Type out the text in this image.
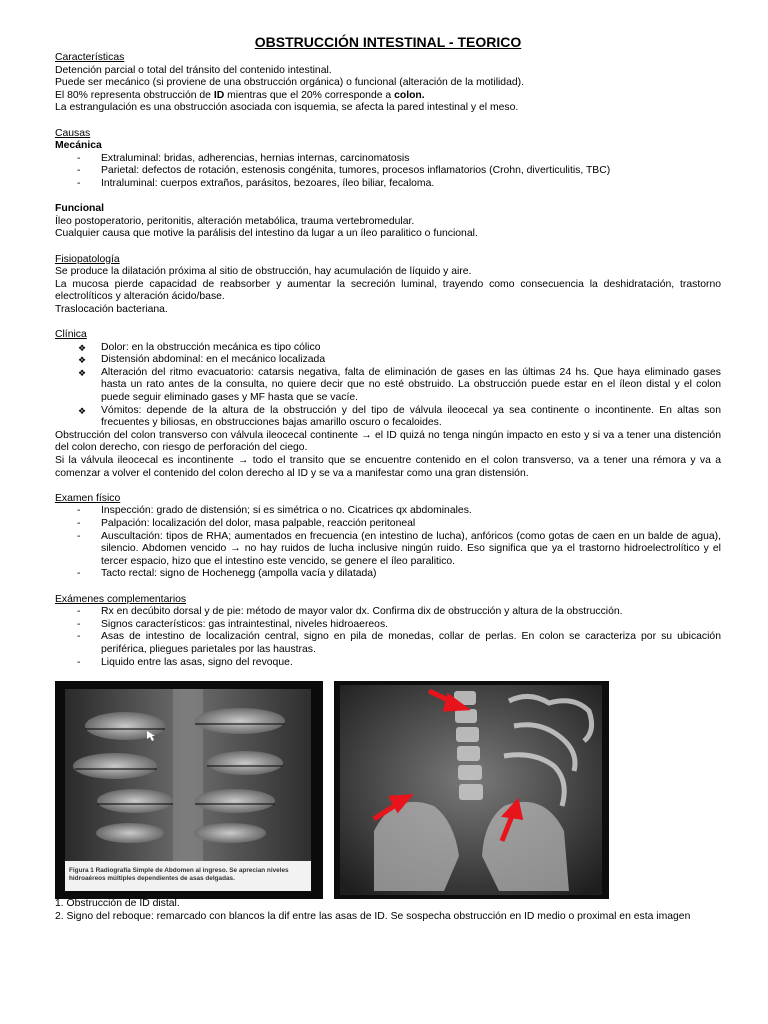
OBSTRUCCIÓN INTESTINAL - TEORICO
Características

Detención parcial o total del tránsito del contenido intestinal.

Puede ser mecánico (si proviene de una obstrucción orgánica) o funcional (alteración de la motilidad).

El 80% representa obstrucción de ID mientras que el 20% corresponde a colon.

La estrangulación es una obstrucción asociada con isquemia, se afecta la pared intestinal y el meso.

Causas
Mecánica
-	Extraluminal: bridas, adherencias, hernias internas, carcinomatosis
-	Parietal: defectos de rotación, estenosis congénita, tumores, procesos inflamatorios (Crohn, diverticulitis, TBC)
-	Intraluminal: cuerpos extraños, parásitos, bezoares, íleo biliar, fecaloma.
Funcional

Íleo postoperatorio, peritonitis, alteración metabólica, trauma vertebromedular.

Cualquier causa que motive la parálisis del intestino da lugar a un íleo paralitico o funcional.

Fisiopatología

Se produce la dilatación próxima al sitio de obstrucción, hay acumulación de líquido y aire.

La mucosa pierde capacidad de reabsorber y aumentar la secreción luminal, trayendo como consecuencia la deshidratación, trastorno electrolíticos y alteración ácido/base.

Traslocación bacteriana.

Clínica
❖	Dolor: en la obstrucción mecánica es tipo cólico
❖	Distensión abdominal: en el mecánico localizada
❖	Alteración del ritmo evacuatorio: catarsis negativa, falta de eliminación de gases en las últimas 24 hs. Que haya eliminado gases hasta un rato antes de la consulta, no quiere decir que no esté obstruido. La obstrucción puede estar en el íleon distal y el colon puede seguir eliminado gases y MF hasta que se vacíe.
❖	Vómitos: depende de la altura de la obstrucción y del tipo de válvula ileocecal ya sea continente o incontinente. En altas son frecuentes y biliosas, en obstrucciones bajas amarillo oscuro o fecaloides.

Obstrucción del colon transverso con válvula ileocecal continente → el ID quizá no tenga ningún impacto en esto y si va a tener una distención del colon derecho, con riesgo de perforación del ciego.

Si la válvula ileocecal es incontinente → todo el transito que se encuentre contenido en el colon transverso, va a tener una rémora y va a comenzar a volver el contenido del colon derecho al ID y se va a manifestar como una gran distensión.

Examen físico
-	Inspección: grado de distensión; si es simétrica o no. Cicatrices qx abdominales.
-	Palpación: localización del dolor, masa palpable, reacción peritoneal
-	Auscultación: tipos de RHA; aumentados en frecuencia (en intestino de lucha), anfóricos (como gotas de caen en un balde de agua), silencio. Abdomen vencido → no hay ruidos de lucha inclusive ningún ruido. Eso significa que ya el trastorno hidroelectrolítico y el tercer espacio, hizo que el intestino este vencido, se genere el íleo paralitico.
-	Tacto rectal: signo de Hochenegg (ampolla vacía y dilatada)
Exámenes complementarios
-	Rx en decúbito dorsal y de pie: método de mayor valor dx. Confirma dix de obstrucción y altura de la obstrucción.
-	Signos característicos: gas intraintestinal, niveles hidroaereos.
-	Asas de intestino de localización central, signo en pila de monedas, collar de perlas. En colon se caracteriza por su ubicación periférica, pliegues parietales por las haustras.
-	Liquido entre las asas, signo del revoque.
Figura 1 Radiografía Simple de Abdomen al ingreso. Se aprecian niveles
hidroaéreos múltiples dependientes de asas delgadas.

1. Obstrucción de ID distal.

2. Signo del reboque: remarcado con blancos la dif entre las asas de ID. Se sospecha obstrucción en ID medio o proximal en esta imagen
